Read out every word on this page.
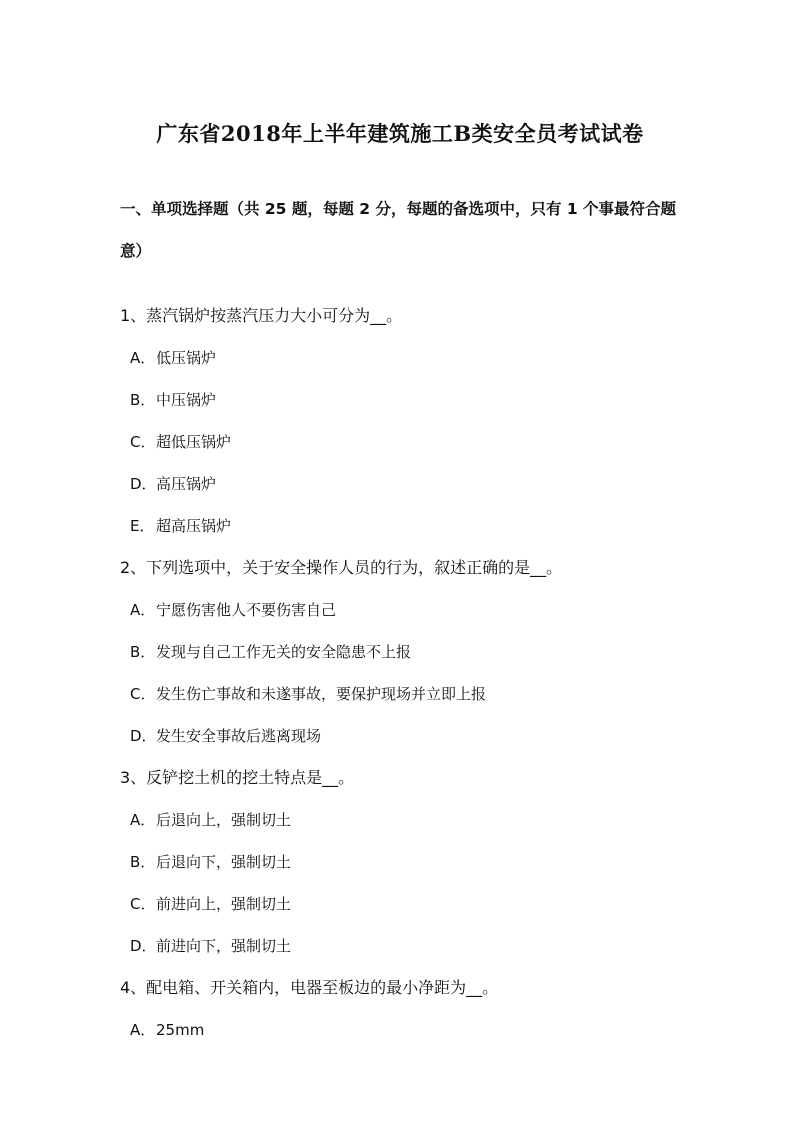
广东省2018年上半年建筑施工B类安全员考试试卷
一、单项选择题（共 25 题，每题 2 分，每题的备选项中，只有 1 个事最符合题意）
1、蒸汽锅炉按蒸汽压力大小可分为__。
A．低压锅炉
B．中压锅炉
C．超低压锅炉
D．高压锅炉
E． 超高压锅炉
2、下列选项中，关于安全操作人员的行为，叙述正确的是__。
A．宁愿伤害他人不要伤害自己
B．发现与自己工作无关的安全隐患不上报
C．发生伤亡事故和未遂事故，要保护现场并立即上报
D．发生安全事故后逃离现场
3、反铲挖土机的挖土特点是__。
A．后退向上，强制切土
B．后退向下，强制切土
C．前进向上，强制切土
D．前进向下，强制切土
4、配电箱、开关箱内，电器至板边的最小净距为__。
A．25mm
